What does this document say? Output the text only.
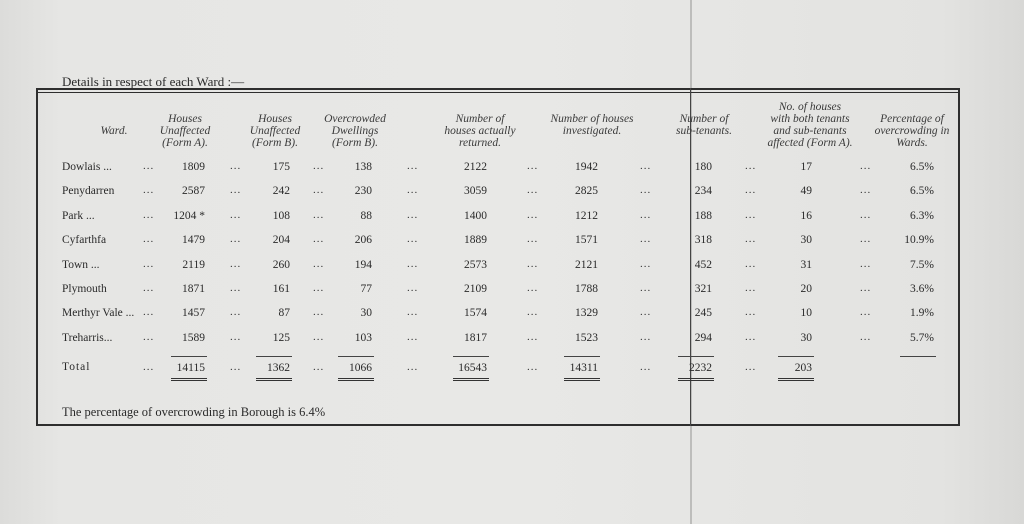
Details in respect of each Ward :—
Ward.
Houses
Unaffected
(Form A).
Houses
Unaffected
(Form B).
Overcrowded
Dwellings
(Form B).
Number of
houses actually
returned.
Number of houses
investigated.
Number of
sub-tenants.
No. of houses
with both tenants
and sub-tenants
affected (Form A).
Percentage of
overcrowding in
Wards.
Dowlais ...	... 1809 ...	175 ...	138	...	2122	...	1942	...	180	...	17	...	6.5%
Penydarren	... 2587 ...	242 ...	230	...	3059	...	2825	...	234	...	49	...	6.5%
Park ...	... 1204 * ...	108 ...	88	...	1400	...	1212	...	188	...	16	...	6.3%
Cyfarthfa	... 1479 ...	204 ...	206	...	1889	...	1571	...	318	...	30	...	10.9%
Town ...	... 2119 ...	260 ...	194	...	2573	...	2121	...	452	...	31	...	7.5%
Plymouth	... 1871 ...	161 ...	77	...	2109	...	1788	...	321	...	20	...	3.6%
Merthyr Vale ... ... 1457 ...	87 ...	30	...	1574	...	1329	...	245	...	10	...	1.9%
Treharris...	... 1589 ...	125 ...	103	...	1817	...	1523	...	294	...	30	...	5.7%
Total	... 14115 ... 1362 ... 1066	...	16543	...	14311	...	2232	...	203
The percentage of overcrowding in Borough is 6.4%
